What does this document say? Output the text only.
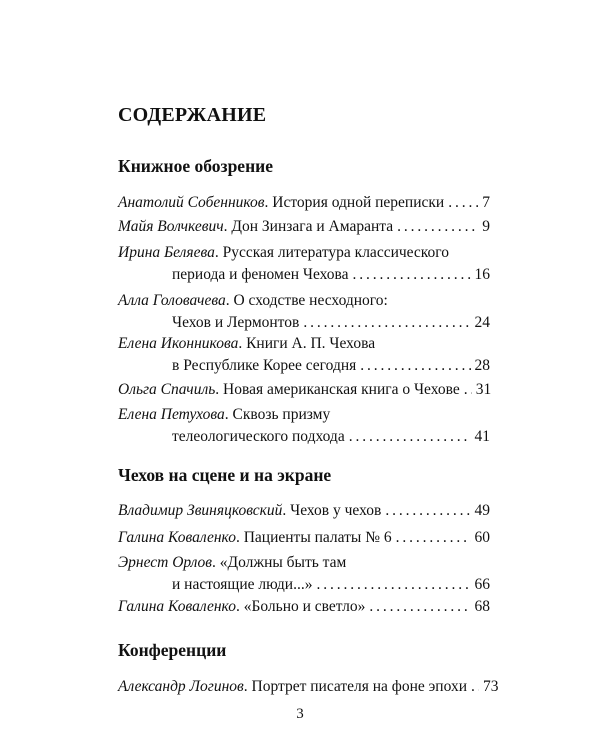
СОДЕРЖАНИЕ
Книжное обозрение
Анатолий Собенников. История одной переписки . . . 7
Майя Волчкевич. Дон Зинзага и Амаранта . . .	9
Ирина Беляева. Русская литература классического
периода и феномен Чехова . . .	16
Алла Головачева. О сходстве несходного:
Чехов и Лермонтов . . .	24
Елена Иконникова. Книги А. П. Чехова
в Республике Корее сегодня . . .	28
Ольга Спачиль. Новая американская книга о Чехове . . . 31
Елена Петухова. Сквозь призму
телеологического подхода . . .	41
Чехов на сцене и на экране
Владимир Звиняцковский. Чехов у чехов . . .	49
Галина Коваленко. Пациенты палаты № 6 . . .	60
Эрнест Орлов. «Должны быть там
и настоящие люди...» . . .	66
Галина Коваленко. «Больно и светло» . . .	68
Конференции
Александр Логинов. Портрет писателя на фоне эпохи . . . 73
3
